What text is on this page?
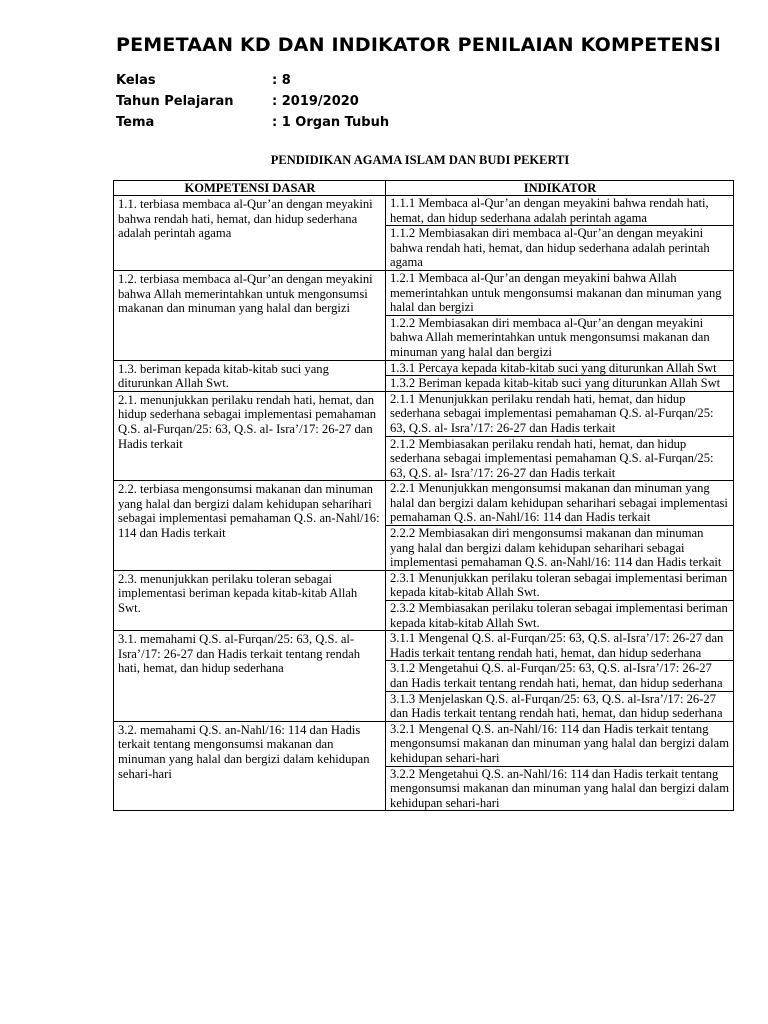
PEMETAAN KD DAN INDIKATOR PENILAIAN KOMPETENSI
Kelas	: 8
Tahun Pelajaran	: 2019/2020
Tema	: 1 Organ Tubuh
PENDIDIKAN AGAMA ISLAM DAN BUDI PEKERTI
KOMPETENSI DASAR	INDIKATOR
1.1. terbiasa membaca al-Qur’an dengan meyakini bahwa rendah hati, hemat, dan hidup sederhana adalah perintah agama	1.1.1 Membaca al-Qur’an dengan meyakini bahwa rendah hati, hemat, dan hidup sederhana adalah perintah agama
	1.1.2 Membiasakan diri membaca al-Qur’an dengan meyakini bahwa rendah hati, hemat, dan hidup sederhana adalah perintah agama
1.2. terbiasa membaca al-Qur’an dengan meyakini bahwa Allah memerintahkan untuk mengonsumsi makanan dan minuman yang halal dan bergizi	1.2.1 Membaca al-Qur’an dengan meyakini bahwa Allah memerintahkan untuk mengonsumsi makanan dan minuman yang halal dan bergizi
	1.2.2 Membiasakan diri membaca al-Qur’an dengan meyakini bahwa Allah memerintahkan untuk mengonsumsi makanan dan minuman yang halal dan bergizi
1.3. beriman kepada kitab-kitab suci yang diturunkan Allah Swt.	1.3.1 Percaya kepada kitab-kitab suci yang diturunkan Allah Swt
	1.3.2 Beriman kepada kitab-kitab suci yang diturunkan Allah Swt
2.1. menunjukkan perilaku rendah hati, hemat, dan hidup sederhana sebagai implementasi pemahaman Q.S. al-Furqan/25: 63, Q.S. al- Isra’/17: 26-27 dan Hadis terkait	2.1.1 Menunjukkan perilaku rendah hati, hemat, dan hidup sederhana sebagai implementasi pemahaman Q.S. al-Furqan/25: 63, Q.S. al- Isra’/17: 26-27 dan Hadis terkait
	2.1.2 Membiasakan perilaku rendah hati, hemat, dan hidup sederhana sebagai implementasi pemahaman Q.S. al-Furqan/25: 63, Q.S. al- Isra’/17: 26-27 dan Hadis terkait
2.2. terbiasa mengonsumsi makanan dan minuman yang halal dan bergizi dalam kehidupan seharihari sebagai implementasi pemahaman Q.S. an-Nahl/16: 114 dan Hadis terkait	2.2.1 Menunjukkan mengonsumsi makanan dan minuman yang halal dan bergizi dalam kehidupan seharihari sebagai implementasi pemahaman Q.S. an-Nahl/16: 114 dan Hadis terkait
	2.2.2 Membiasakan diri mengonsumsi makanan dan minuman yang halal dan bergizi dalam kehidupan seharihari sebagai implementasi pemahaman Q.S. an-Nahl/16: 114 dan Hadis terkait
2.3. menunjukkan perilaku toleran sebagai implementasi beriman kepada kitab-kitab Allah Swt.	2.3.1 Menunjukkan perilaku toleran sebagai implementasi beriman kepada kitab-kitab Allah Swt.
	2.3.2 Membiasakan perilaku toleran sebagai implementasi beriman kepada kitab-kitab Allah Swt.
3.1. memahami Q.S. al-Furqan/25: 63, Q.S. al-Isra’/17: 26-27 dan Hadis terkait tentang rendah hati, hemat, dan hidup sederhana	3.1.1 Mengenal Q.S. al-Furqan/25: 63, Q.S. al-Isra’/17: 26-27 dan Hadis terkait tentang rendah hati, hemat, dan hidup sederhana
	3.1.2 Mengetahui Q.S. al-Furqan/25: 63, Q.S. al-Isra’/17: 26-27 dan Hadis terkait tentang rendah hati, hemat, dan hidup sederhana
	3.1.3 Menjelaskan Q.S. al-Furqan/25: 63, Q.S. al-Isra’/17: 26-27 dan Hadis terkait tentang rendah hati, hemat, dan hidup sederhana
3.2. memahami Q.S. an-Nahl/16: 114 dan Hadis terkait tentang mengonsumsi makanan dan minuman yang halal dan bergizi dalam kehidupan sehari-hari	3.2.1 Mengenal Q.S. an-Nahl/16: 114 dan Hadis terkait tentang mengonsumsi makanan dan minuman yang halal dan bergizi dalam kehidupan sehari-hari
	3.2.2 Mengetahui Q.S. an-Nahl/16: 114 dan Hadis terkait tentang mengonsumsi makanan dan minuman yang halal dan bergizi dalam kehidupan sehari-hari
